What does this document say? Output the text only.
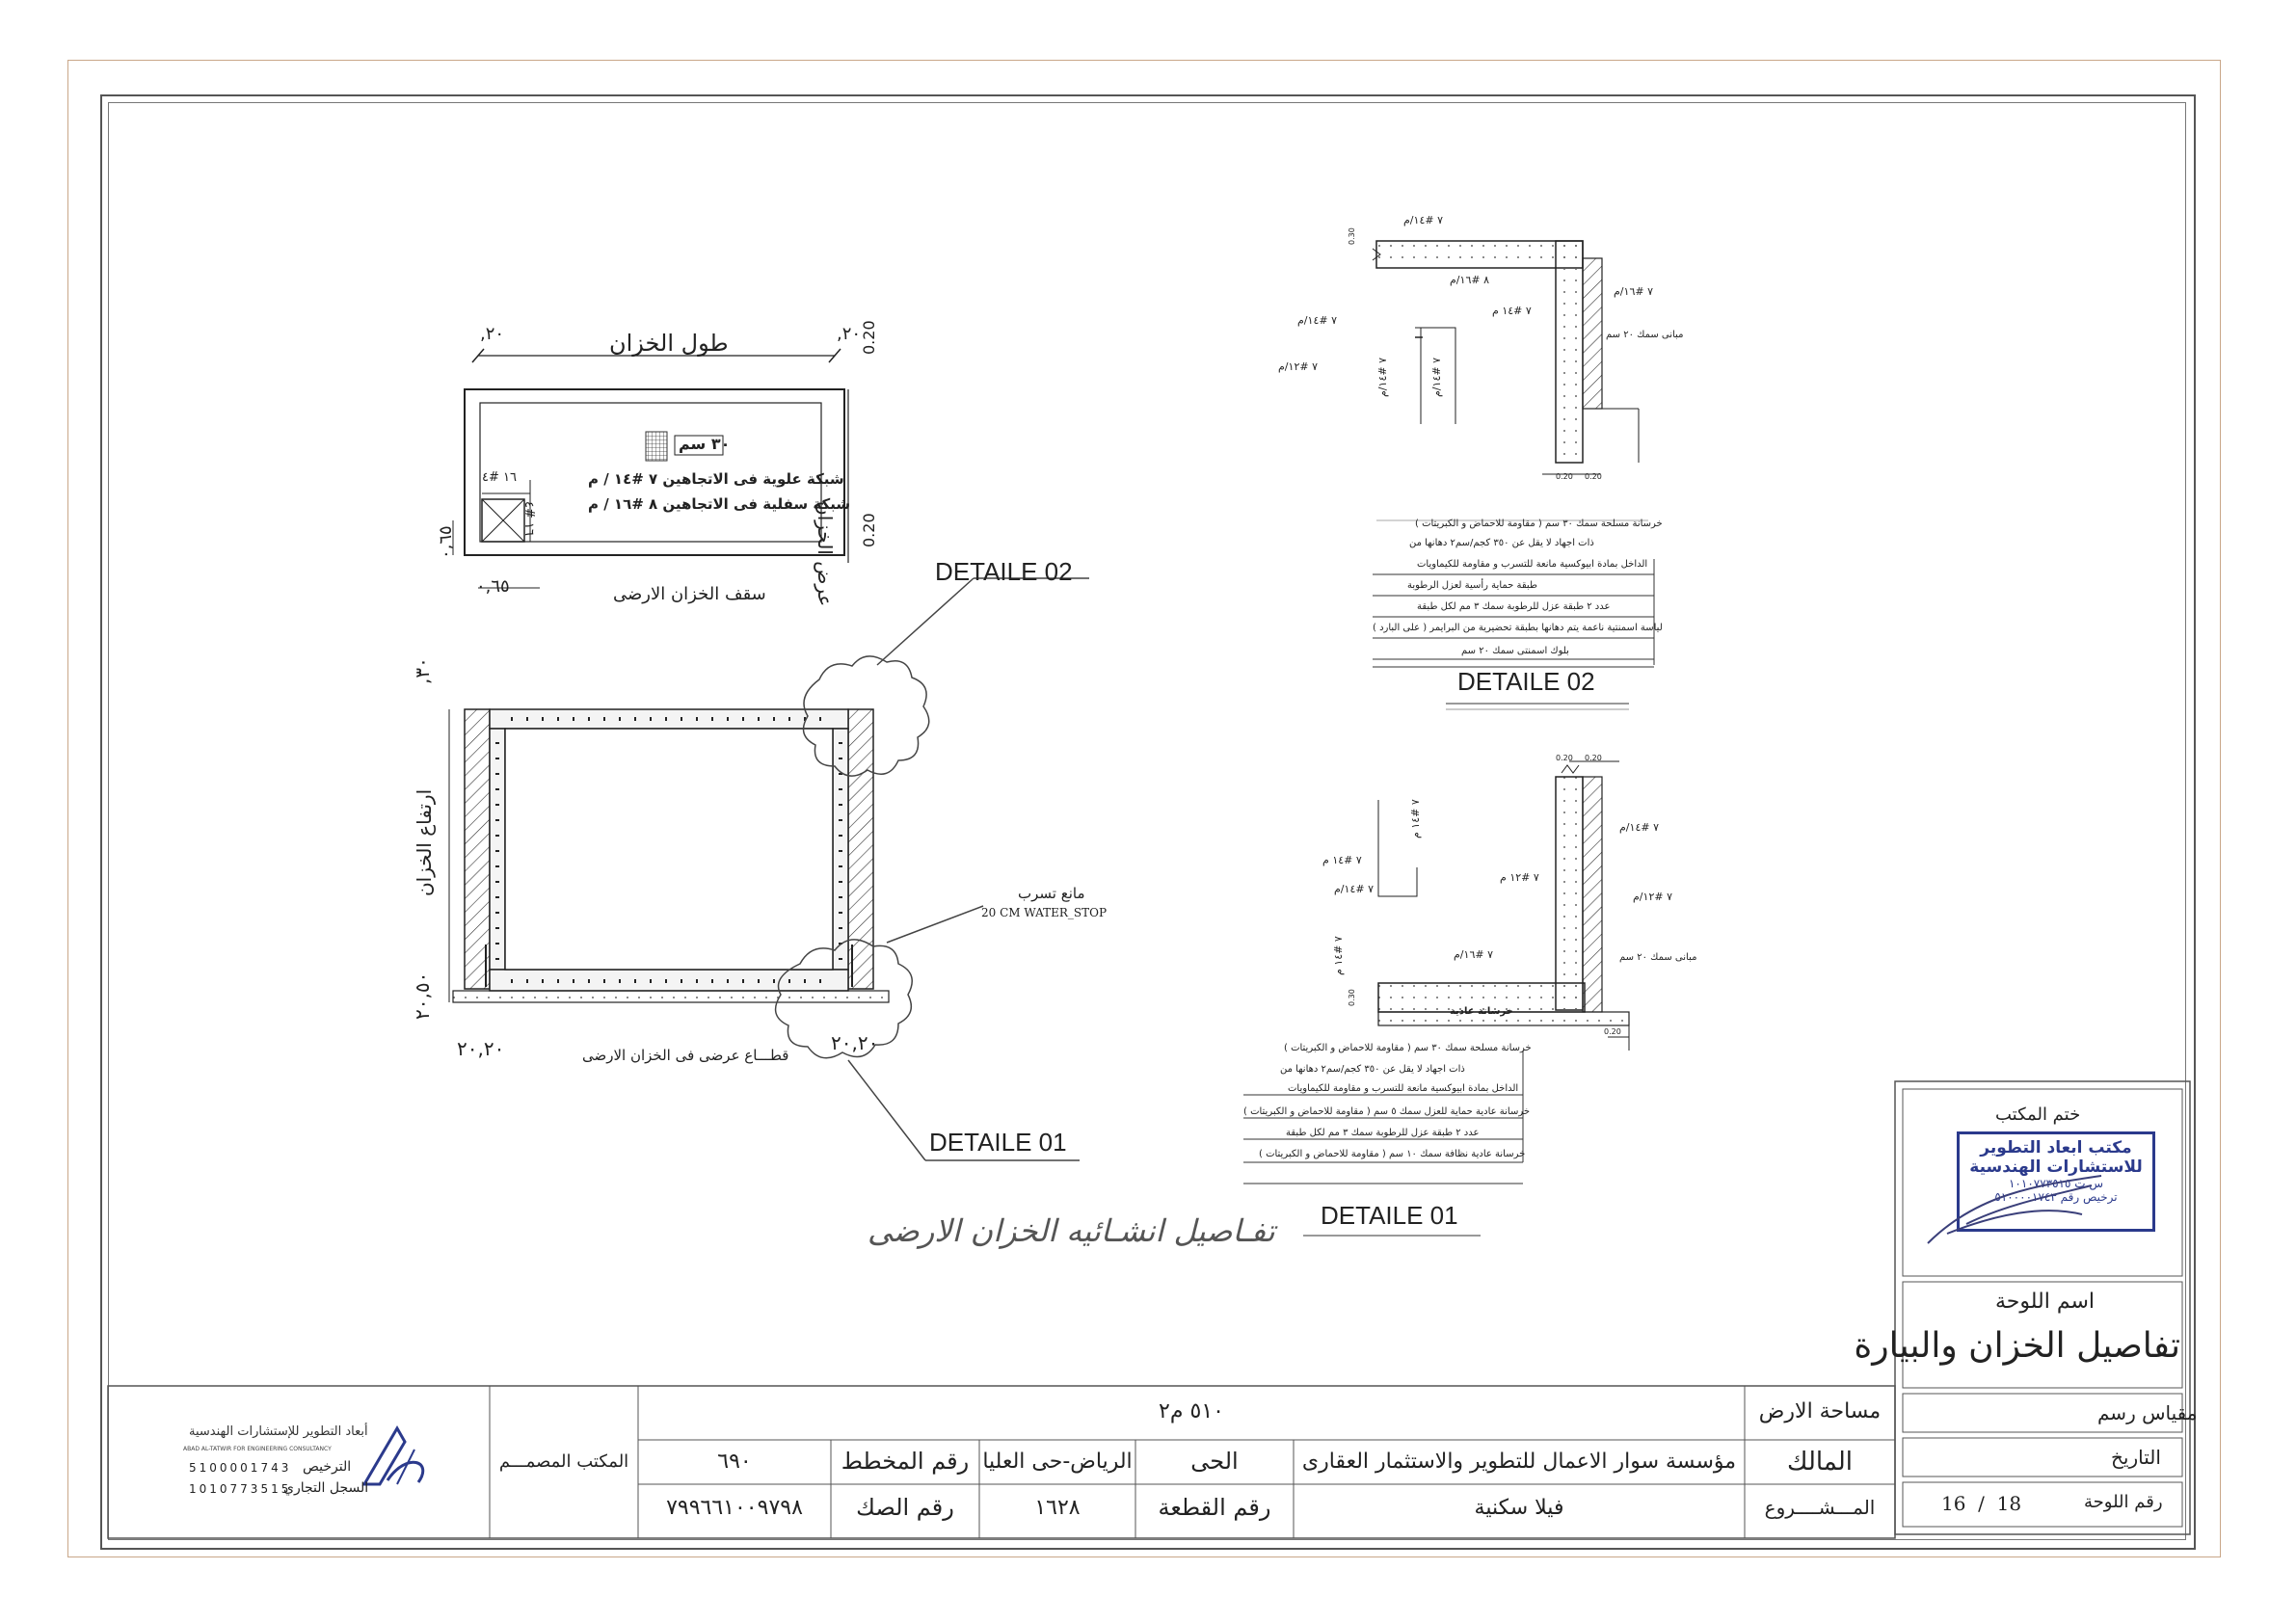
طول الخزان
٢٠,	٢٠,
0.20
0.20
عرض الخزان
٠,٦٥
٠,٦٥
٣٠ سم
شبكة علوية فى الاتجاهين ٧ #١٤ / م
شبكة سفلية فى الاتجاهين ٨ #١٦ / م
١٦ #٤
١٦ #٤
سقف الخزان الارضى
٣٠,
ارتفاع الخزان
٢٠,٥٠
٢٠,٢٠	٢٠,٢٠
مانع تسرب
20 CM WATER_STOP
قطـــاع عرضى فى الخزان الارضى
DETAILE 02
DETAILE 01
٧ #١٤/م
٨ #١٦/م
٧ #١٤ م
٧ #١٦/م
٧ #١٤/م
٧ #١٢/م
٧ #١٤/م
٧ #١٤/م
مبانى سمك ٢٠ سم
0.30
0.20 0.20
خرسانة مسلحة سمك ٣٠ سم ( مقاومة للاحماض و الكبريتات )
ذات اجهاد لا يقل عن ٣٥٠ كجم/سم٢ دهانها من
الداخل بمادة ابيوكسية مانعة للتسرب و مقاومة للكيماويات
طبقة حماية رأسية لعزل الرطوبة
عدد ٢ طبقة عزل للرطوبة سمك ٣ مم لكل طبقة
لياسة اسمنتية ناعمة يتم دهانها بطبقة تحضيرية من البرايمر ( على البارد )
بلوك اسمنتى سمك ٢٠ سم
DETAILE 02
٧ #١٤ م
٧ #١٤ م
٧ #١٤/م
٧ #١٢ م
٧ #١٤/م
٧ #١٢/م
٧ #١٦/م
٧ #١٤ م
مبانى سمك ٢٠ سم
خرسانة عادية
0.20 0.20
0.30
0.20
خرسانة مسلحة سمك ٣٠ سم ( مقاومة للاحماض و الكبريتات )
ذات اجهاد لا يقل عن ٣٥٠ كجم/سم٢ دهانها من
الداخل بمادة ابيوكسية مانعة للتسرب و مقاومة للكيماويات
خرسانة عادية حماية للعزل سمك ٥ سم ( مقاومة للاحماض و الكبريتات )
عدد ٢ طبقة عزل للرطوبة سمك ٣ مم لكل طبقة
خرسانة عادية نظافة سمك ١٠ سم ( مقاومة للاحماض و الكبريتات )
DETAILE 01
تفـاصيل انشـائيه الخزان الارضى
ختم المكتب
مكتب ابعاد التطوير
للاستشارات الهندسية
س ت ١٠١٠٧٧٣٥١٥
ترخيص رقم ٥١٠٠٠٠١٧٤٣
اسم اللوحة
تفاصيل الخزان والبيارة
مقياس رسم
التاريخ
رقم اللوحة
16  /  18
مساحة الارض
٥١٠ م٢
المالك
مؤسسة سوار الاعمال للتطوير والاستثمار العقارى
الحى
الرياض-حى العليا
رقم المخطط
٦٩٠
المـــشــــروع
فيلا سكنية
رقم القطعة
١٦٢٨
رقم الصك
٧٩٩٦٦١٠٠٩٧٩٨
المكتب المصمـــم
أبعاد التطوير للإستشارات الهندسية
ABAD AL-TATWIR FOR ENGINEERING CONSULTANCY
5100001743 الترخيص
1010773515
السجل التجاري
